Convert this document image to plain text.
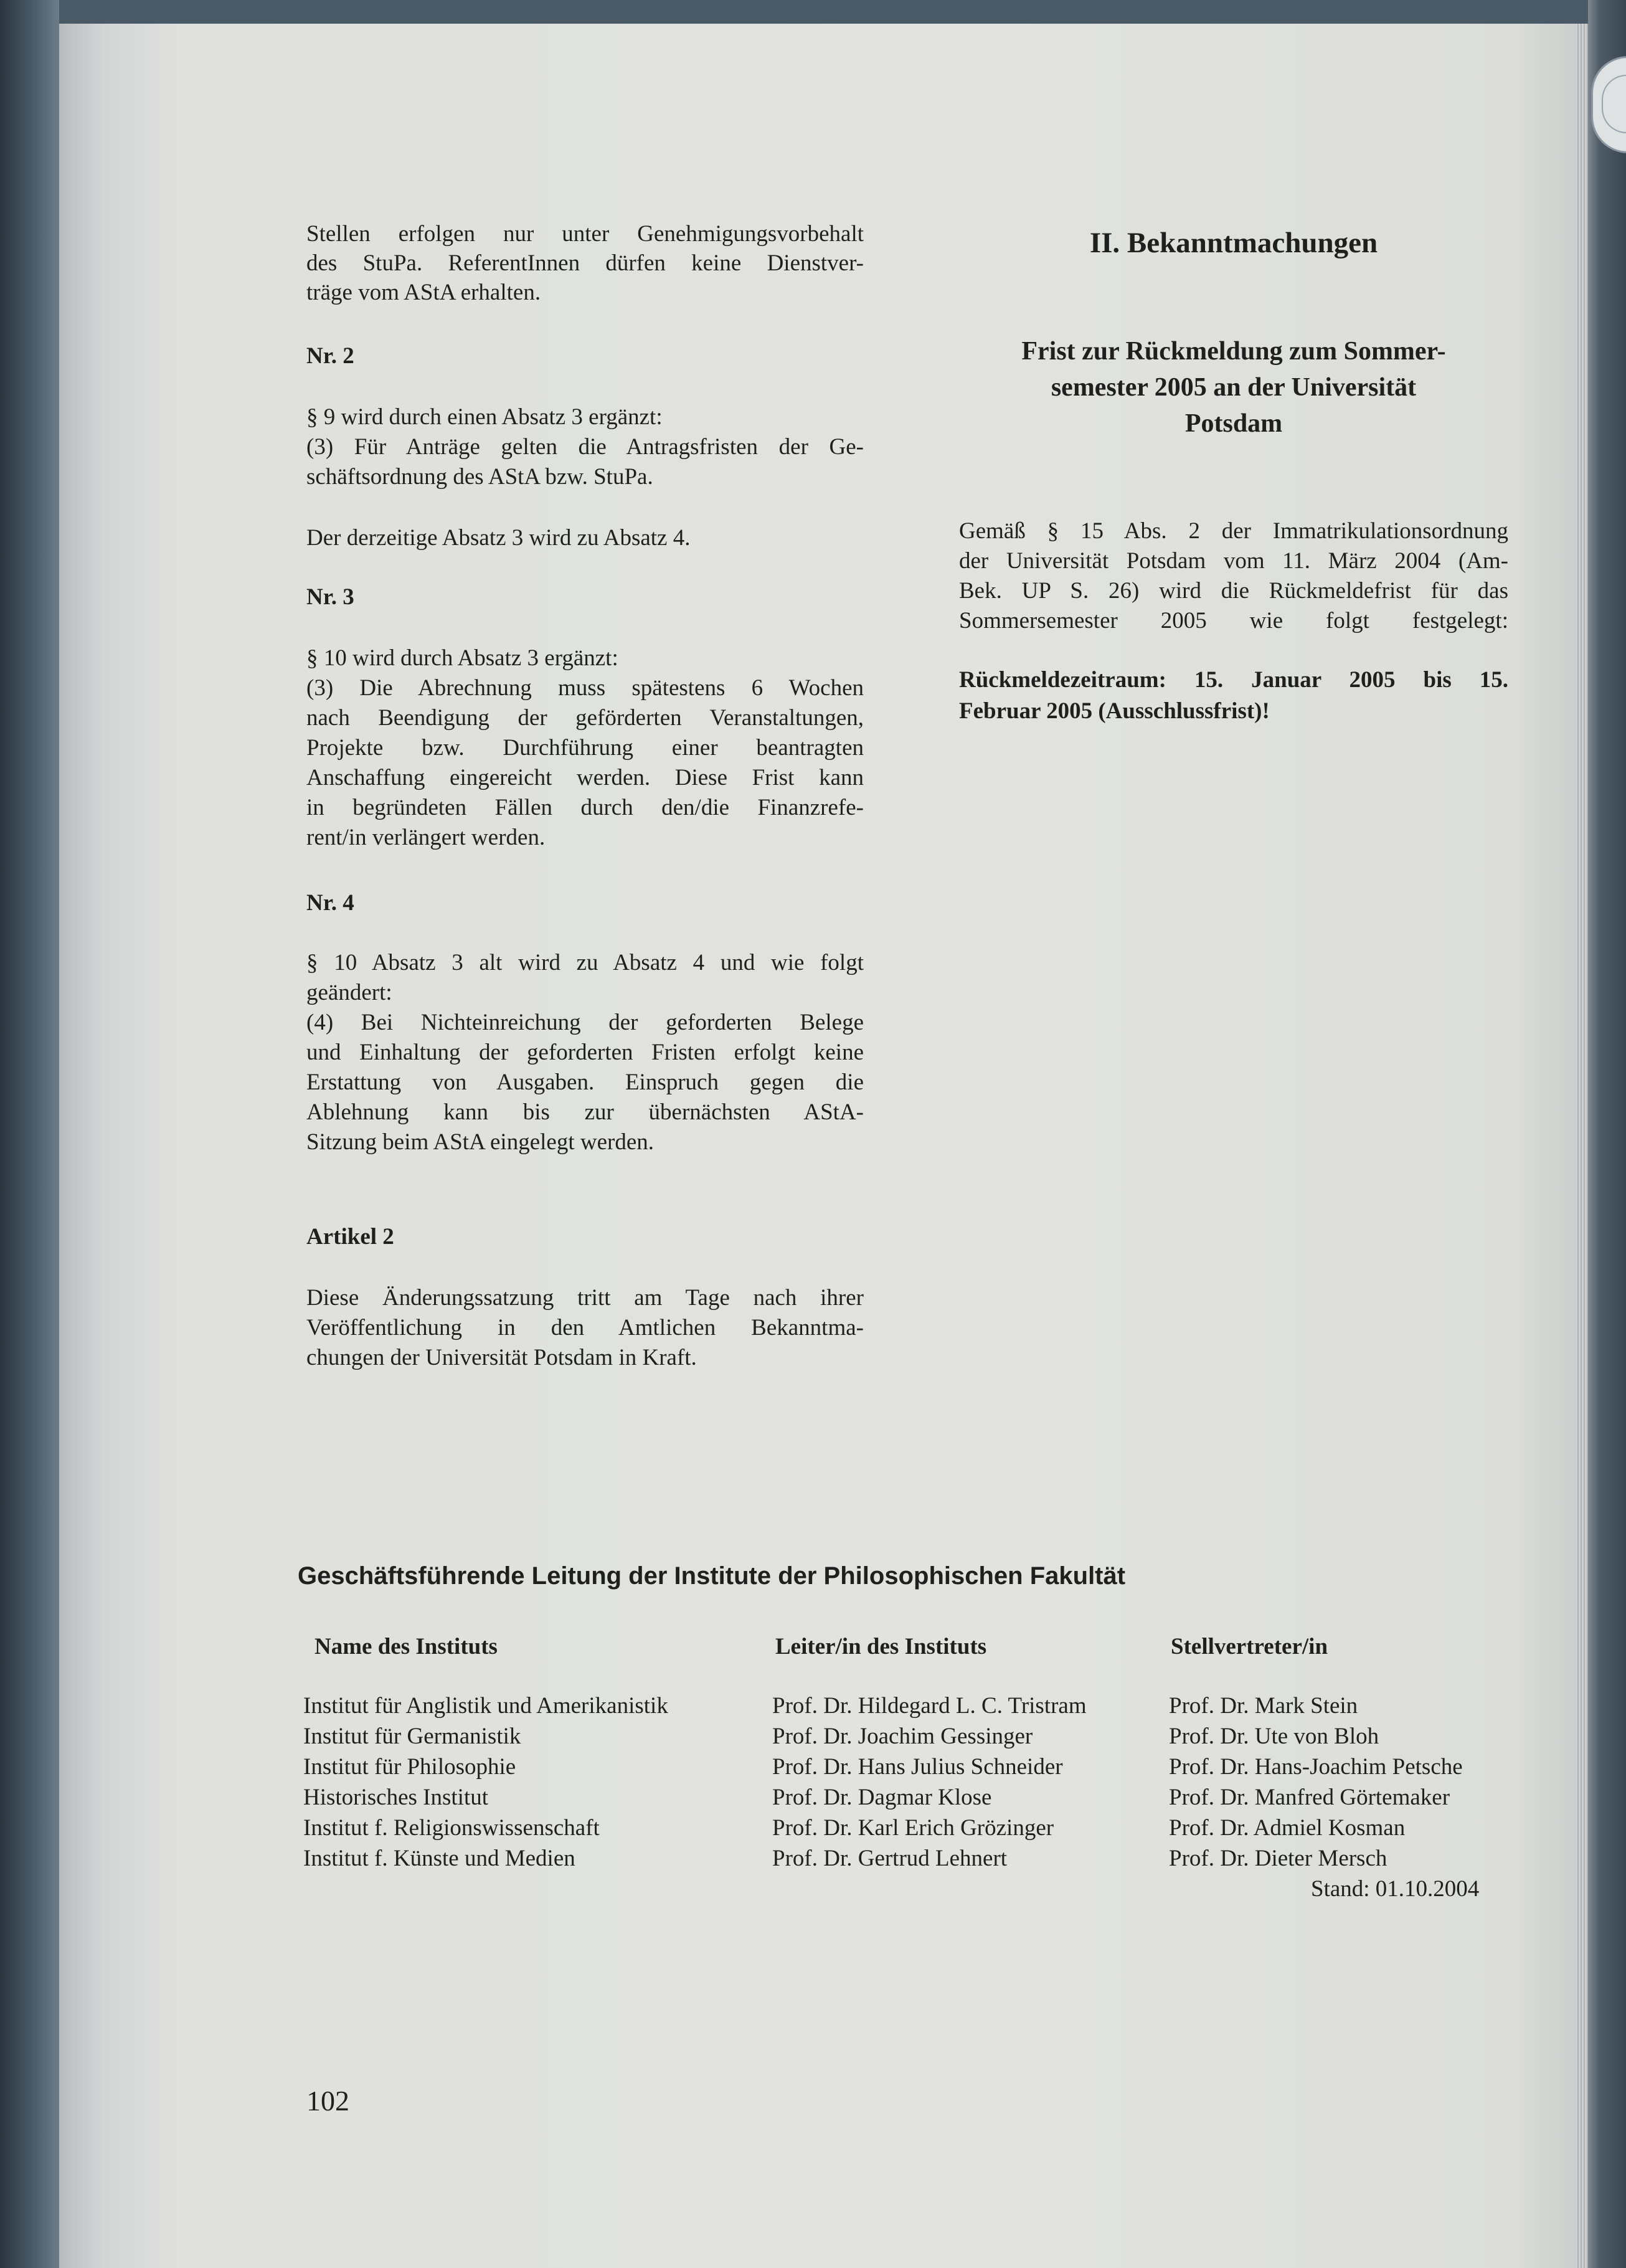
Stellen erfolgen nur unter Genehmigungsvorbehalt
des StuPa. ReferentInnen dürfen keine Dienstver-
träge vom AStA erhalten.
Nr. 2
§ 9 wird durch einen Absatz 3 ergänzt:
(3) Für Anträge gelten die Antragsfristen der Ge-
schäftsordnung des AStA bzw. StuPa.
Der derzeitige Absatz 3 wird zu Absatz 4.
Nr. 3
§ 10 wird durch Absatz 3 ergänzt:
(3) Die Abrechnung muss spätestens 6 Wochen
nach Beendigung der geförderten Veranstaltungen,
Projekte bzw. Durchführung einer beantragten
Anschaffung eingereicht werden. Diese Frist kann
in begründeten Fällen durch den/die Finanzrefe-
rent/in verlängert werden.
Nr. 4
§ 10 Absatz 3 alt wird zu Absatz 4 und wie folgt
geändert:
(4) Bei Nichteinreichung der geforderten Belege
und Einhaltung der geforderten Fristen erfolgt keine
Erstattung von Ausgaben. Einspruch gegen die
Ablehnung kann bis zur übernächsten AStA-
Sitzung beim AStA eingelegt werden.
Artikel 2
Diese Änderungssatzung tritt am Tage nach ihrer
Veröffentlichung in den Amtlichen Bekanntma-
chungen der Universität Potsdam in Kraft.
II. Bekanntmachungen
Frist zur Rückmeldung zum Sommer-
semester 2005 an der Universität
Potsdam
Gemäß § 15 Abs. 2 der Immatrikulationsordnung
der Universität Potsdam vom 11. März 2004 (Am-
Bek. UP S. 26) wird die Rückmeldefrist für das
Sommersemester 2005 wie folgt festgelegt:
Rückmeldezeitraum: 15. Januar 2005 bis 15.
Februar 2005 (Ausschlussfrist)!
Geschäftsführende Leitung der Institute der Philosophischen Fakultät
Name des Instituts	Leiter/in des Instituts	Stellvertreter/in
Institut für Anglistik und Amerikanistik	Prof. Dr. Hildegard L. C. Tristram	Prof. Dr. Mark Stein
Institut für Germanistik	Prof. Dr. Joachim Gessinger	Prof. Dr. Ute von Bloh
Institut für Philosophie	Prof. Dr. Hans Julius Schneider	Prof. Dr. Hans-Joachim Petsche
Historisches Institut	Prof. Dr. Dagmar Klose	Prof. Dr. Manfred Görtemaker
Institut f. Religionswissenschaft	Prof. Dr. Karl Erich Grözinger	Prof. Dr. Admiel Kosman
Institut f. Künste und Medien	Prof. Dr. Gertrud Lehnert	Prof. Dr. Dieter Mersch
Stand: 01.10.2004
102
